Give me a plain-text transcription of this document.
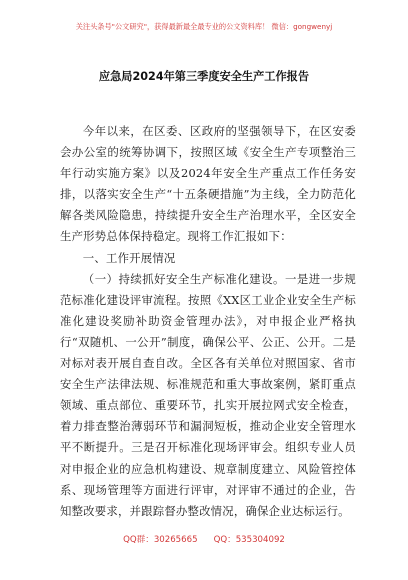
关注头条号"公文研究"，获得最新最全最专业的公文资料库！ 微信：gongwenyj
应急局2024年第三季度安全生产工作报告

今年以来，在区委、区政府的坚强领导下，在区安委会办公室的统筹协调下，按照区域《安全生产专项整治三年行动实施方案》以及2024年安全生产重点工作任务安排，以落实安全生产“十五条硬措施”为主线，全力防范化解各类风险隐患，持续提升安全生产治理水平，全区安全生产形势总体保持稳定。现将工作汇报如下：

一、工作开展情况

（一）持续抓好安全生产标准化建设。一是进一步规范标准化建设评审流程。按照《XX区工业企业安全生产标准化建设奖励补助资金管理办法》，对申报企业严格执行“双随机、一公开”制度，确保公平、公正、公开。二是对标对表开展自查自改。全区各有关单位对照国家、省市安全生产法律法规、标准规范和重大事故案例，紧盯重点领域、重点部位、重要环节，扎实开展拉网式安全检查，着力排查整治薄弱环节和漏洞短板，推动企业安全管理水平不断提升。三是召开标准化现场评审会。组织专业人员对申报企业的应急机构建设、规章制度建立、风险管控体系、现场管理等方面进行评审，对评审不通过的企业，告知整改要求，并跟踪督办整改情况，确保企业达标运行。

QQ群：30265665 QQ：535304092
